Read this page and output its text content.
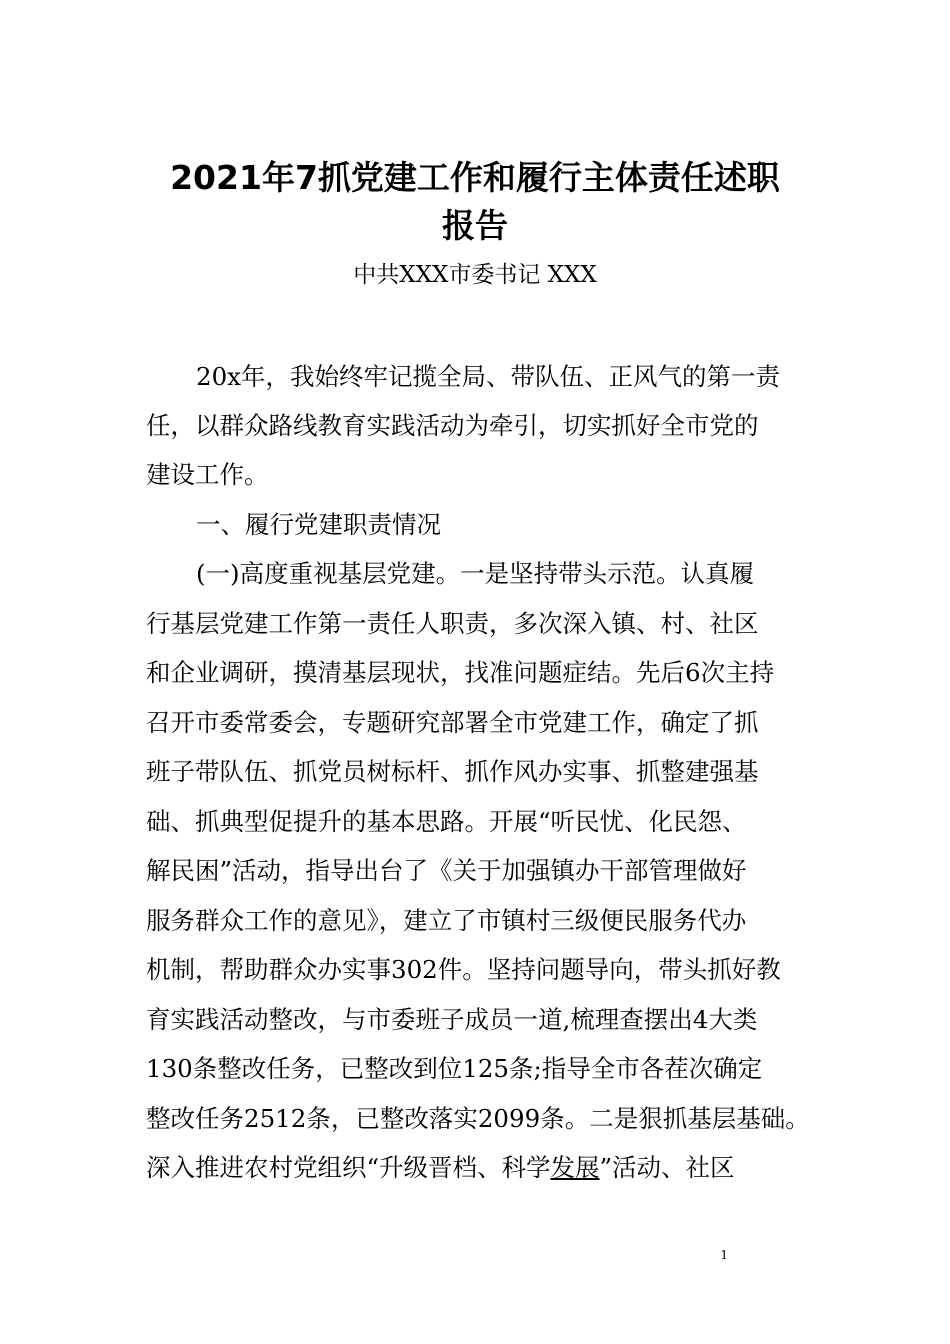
2021年7抓党建工作和履行主体责任述职
报告

中共XXX市委书记 XXX

20x年，我始终牢记揽全局、带队伍、正风气的第一责

任，以群众路线教育实践活动为牵引，切实抓好全市党的

建设工作。

一、履行党建职责情况

(一)高度重视基层党建。一是坚持带头示范。认真履

行基层党建工作第一责任人职责，多次深入镇、村、社区

和企业调研，摸清基层现状，找准问题症结。先后6次主持

召开市委常委会，专题研究部署全市党建工作，确定了抓

班子带队伍、抓党员树标杆、抓作风办实事、抓整建强基

础、抓典型促提升的基本思路。开展“听民忧、化民怨、

解民困”活动，指导出台了《关于加强镇办干部管理做好

服务群众工作的意见》，建立了市镇村三级便民服务代办

机制，帮助群众办实事302件。坚持问题导向，带头抓好教

育实践活动整改，与市委班子成员一道,梳理查摆出4大类

130条整改任务，已整改到位125条;指导全市各茬次确定

整改任务2512条，已整改落实2099条。二是狠抓基层基础。

深入推进农村党组织“升级晋档、科学发展”活动、社区

1
